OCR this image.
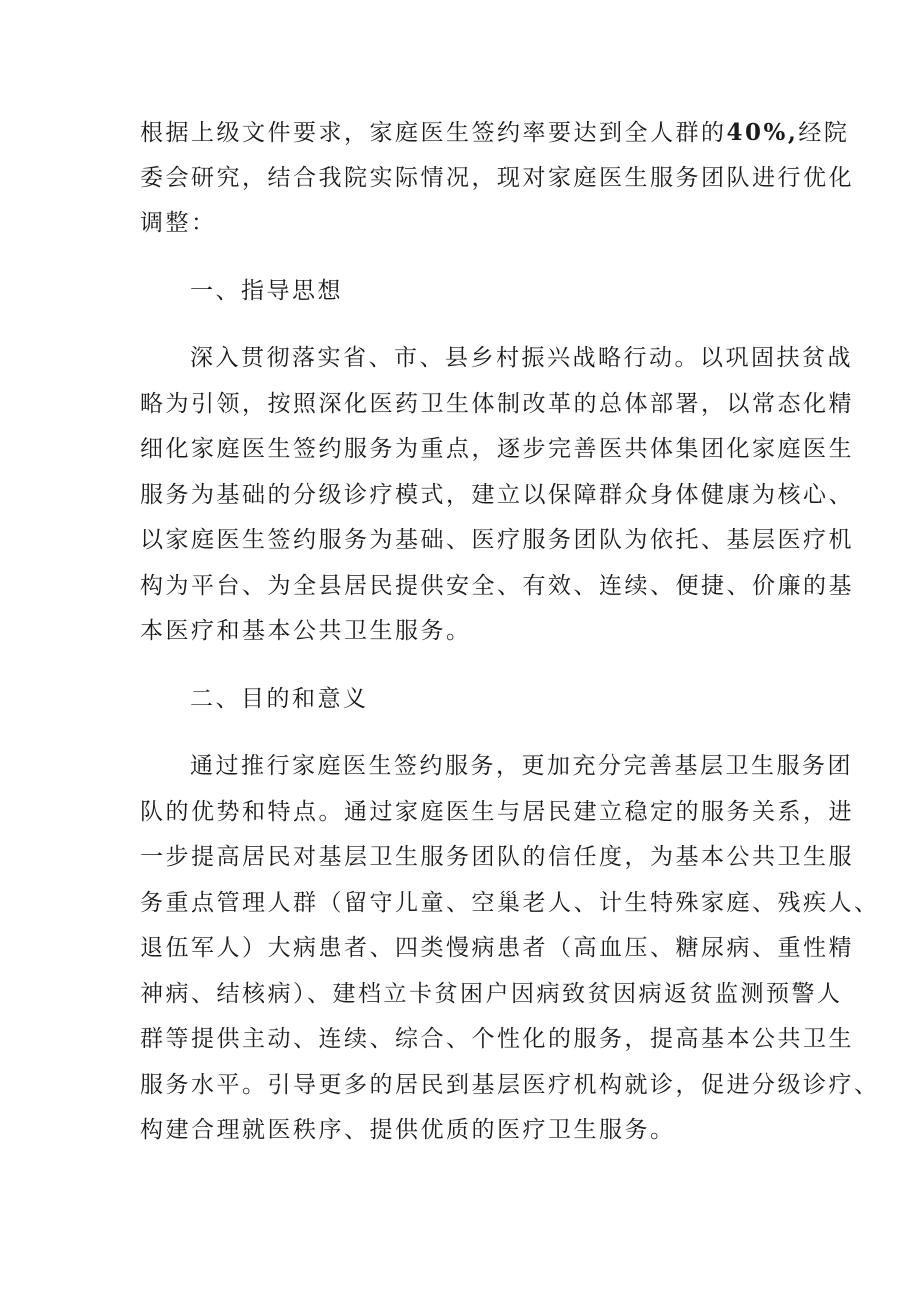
根据上级文件要求，家庭医生签约率要达到全人群的40%,经院
委会研究，结合我院实际情况，现对家庭医生服务团队进行优化
调整：
一、指导思想
深入贯彻落实省、市、县乡村振兴战略行动。以巩固扶贫战
略为引领，按照深化医药卫生体制改革的总体部署，以常态化精
细化家庭医生签约服务为重点，逐步完善医共体集团化家庭医生
服务为基础的分级诊疗模式，建立以保障群众身体健康为核心、
以家庭医生签约服务为基础、医疗服务团队为依托、基层医疗机
构为平台、为全县居民提供安全、有效、连续、便捷、价廉的基
本医疗和基本公共卫生服务。
二、目的和意义
通过推行家庭医生签约服务，更加充分完善基层卫生服务团
队的优势和特点。通过家庭医生与居民建立稳定的服务关系，进
一步提高居民对基层卫生服务团队的信任度，为基本公共卫生服
务重点管理人群（留守儿童、空巢老人、计生特殊家庭、残疾人、
退伍军人）大病患者、四类慢病患者（高血压、糖尿病、重性精
神病、结核病）、建档立卡贫困户因病致贫因病返贫监测预警人
群等提供主动、连续、综合、个性化的服务，提高基本公共卫生
服务水平。引导更多的居民到基层医疗机构就诊，促进分级诊疗、
构建合理就医秩序、提供优质的医疗卫生服务。
